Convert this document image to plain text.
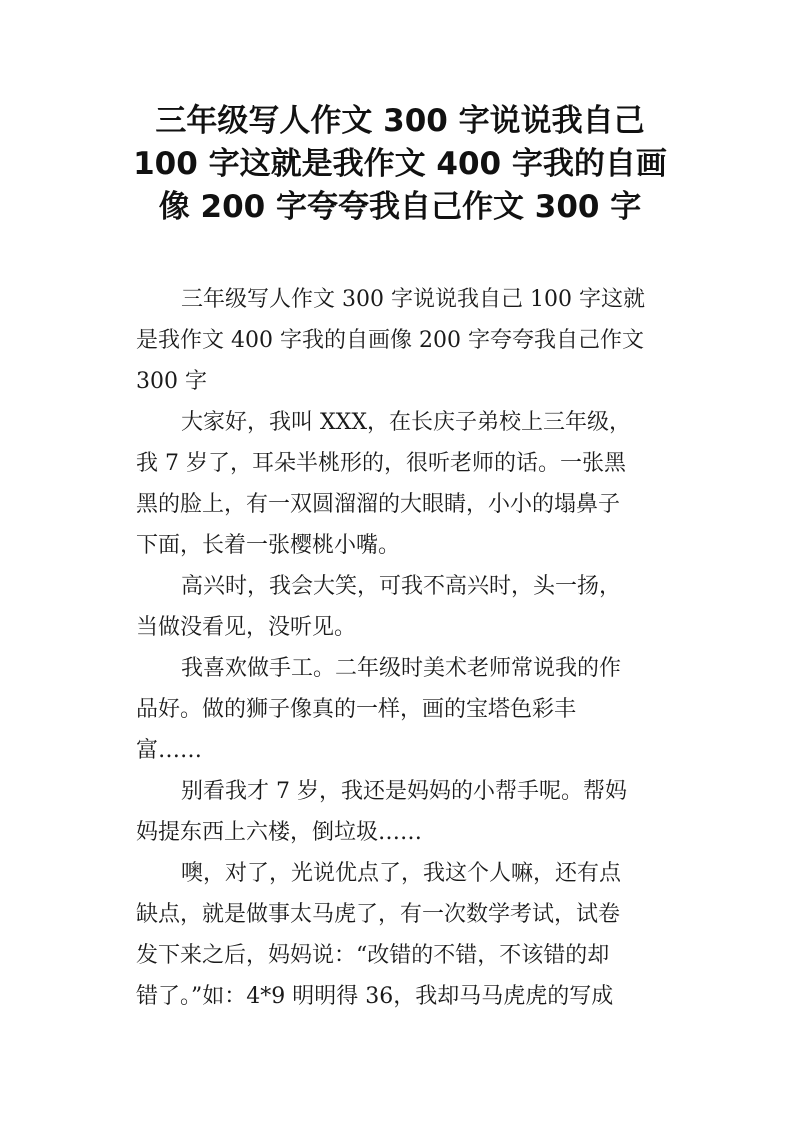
三年级写人作文 300 字说说我自己
100 字这就是我作文 400 字我的自画
像 200 字夸夸我自己作文 300 字
三年级写人作文 300 字说说我自己 100 字这就
是我作文 400 字我的自画像 200 字夸夸我自己作文
300 字
大家好，我叫 XXX，在长庆子弟校上三年级，
我 7 岁了，耳朵半桃形的，很听老师的话。一张黑
黑的脸上，有一双圆溜溜的大眼睛，小小的塌鼻子
下面，长着一张樱桃小嘴。
高兴时，我会大笑，可我不高兴时，头一扬，
当做没看见，没听见。
我喜欢做手工。二年级时美术老师常说我的作
品好。做的狮子像真的一样，画的宝塔色彩丰
富……
别看我才 7 岁，我还是妈妈的小帮手呢。帮妈
妈提东西上六楼，倒垃圾……
噢，对了，光说优点了，我这个人嘛，还有点
缺点，就是做事太马虎了，有一次数学考试，试卷
发下来之后，妈妈说：“改错的不错，不该错的却
错了。”如：4*9 明明得 36，我却马马虎虎的写成
